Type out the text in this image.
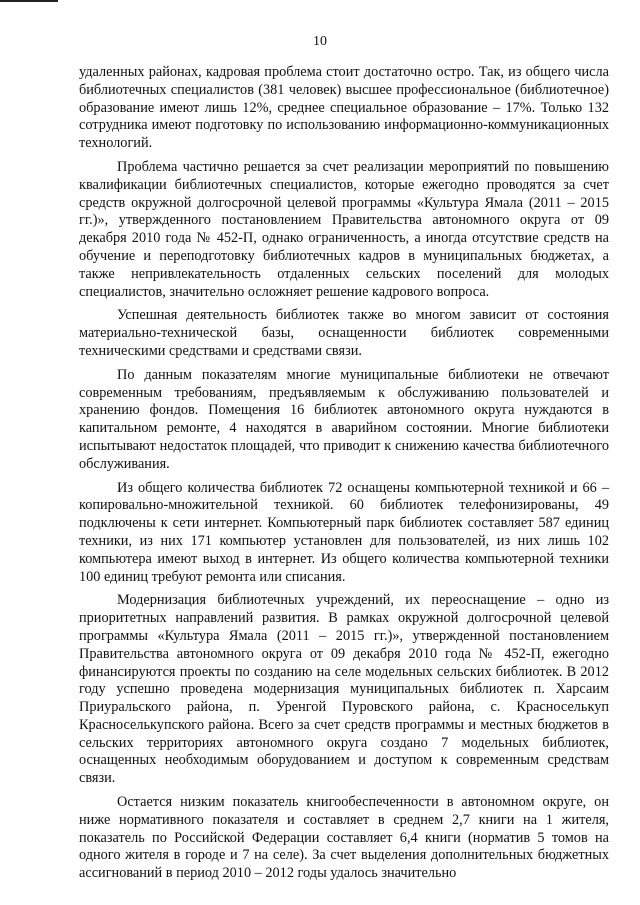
10

удаленных районах, кадровая проблема стоит достаточно остро. Так, из общего числа библиотечных специалистов (381 человек) высшее профессиональное (библиотечное) образование имеют лишь 12%, среднее специальное образование – 17%. Только 132 сотрудника имеют подготовку по использованию информационно-коммуникационных технологий.

Проблема частично решается за счет реализации мероприятий по повышению квалификации библиотечных специалистов, которые ежегодно проводятся за счет средств окружной долгосрочной целевой программы «Культура Ямала (2011 – 2015 гг.)», утвержденного постановлением Правительства автономного округа от 09 декабря 2010 года № 452-П, однако ограниченность, а иногда отсутствие средств на обучение и переподготовку библиотечных кадров в муниципальных бюджетах, а также непривлекательность отдаленных сельских поселений для молодых специалистов, значительно осложняет решение кадрового вопроса.

Успешная деятельность библиотек также во многом зависит от состояния материально-технической базы, оснащенности библиотек современными техническими средствами и средствами связи.

По данным показателям многие муниципальные библиотеки не отвечают современным требованиям, предъявляемым к обслуживанию пользователей и хранению фондов. Помещения 16 библиотек автономного округа нуждаются в капитальном ремонте, 4 находятся в аварийном состоянии. Многие библиотеки испытывают недостаток площадей, что приводит к снижению качества библиотечного обслуживания.

Из общего количества библиотек 72 оснащены компьютерной техникой и 66 – копировально-множительной техникой. 60 библиотек телефонизированы, 49 подключены к сети интернет. Компьютерный парк библиотек составляет 587 единиц техники, из них 171 компьютер установлен для пользователей, из них лишь 102 компьютера имеют выход в интернет. Из общего количества компьютерной техники 100 единиц требуют ремонта или списания.

Модернизация библиотечных учреждений, их переоснащение – одно из приоритетных направлений развития. В рамках окружной долгосрочной целевой программы «Культура Ямала (2011 – 2015 гг.)», утвержденной постановлением Правительства автономного округа от 09 декабря 2010 года № 452-П, ежегодно финансируются проекты по созданию на селе модельных сельских библиотек. В 2012 году успешно проведена модернизация муниципальных библиотек п. Харсаим Приуральского района, п. Уренгой Пуровского района, с. Красноселькуп Красноселькупского района. Всего за счет средств программы и местных бюджетов в сельских территориях автономного округа создано 7 модельных библиотек, оснащенных необходимым оборудованием и доступом к современным средствам связи.

Остается низким показатель книгообеспеченности в автономном округе, он ниже нормативного показателя и составляет в среднем 2,7 книги на 1 жителя, показатель по Российской Федерации составляет 6,4 книги (норматив 5 томов на одного жителя в городе и 7 на селе). За счет выделения дополнительных бюджетных ассигнований в период 2010 – 2012 годы удалось значительно
